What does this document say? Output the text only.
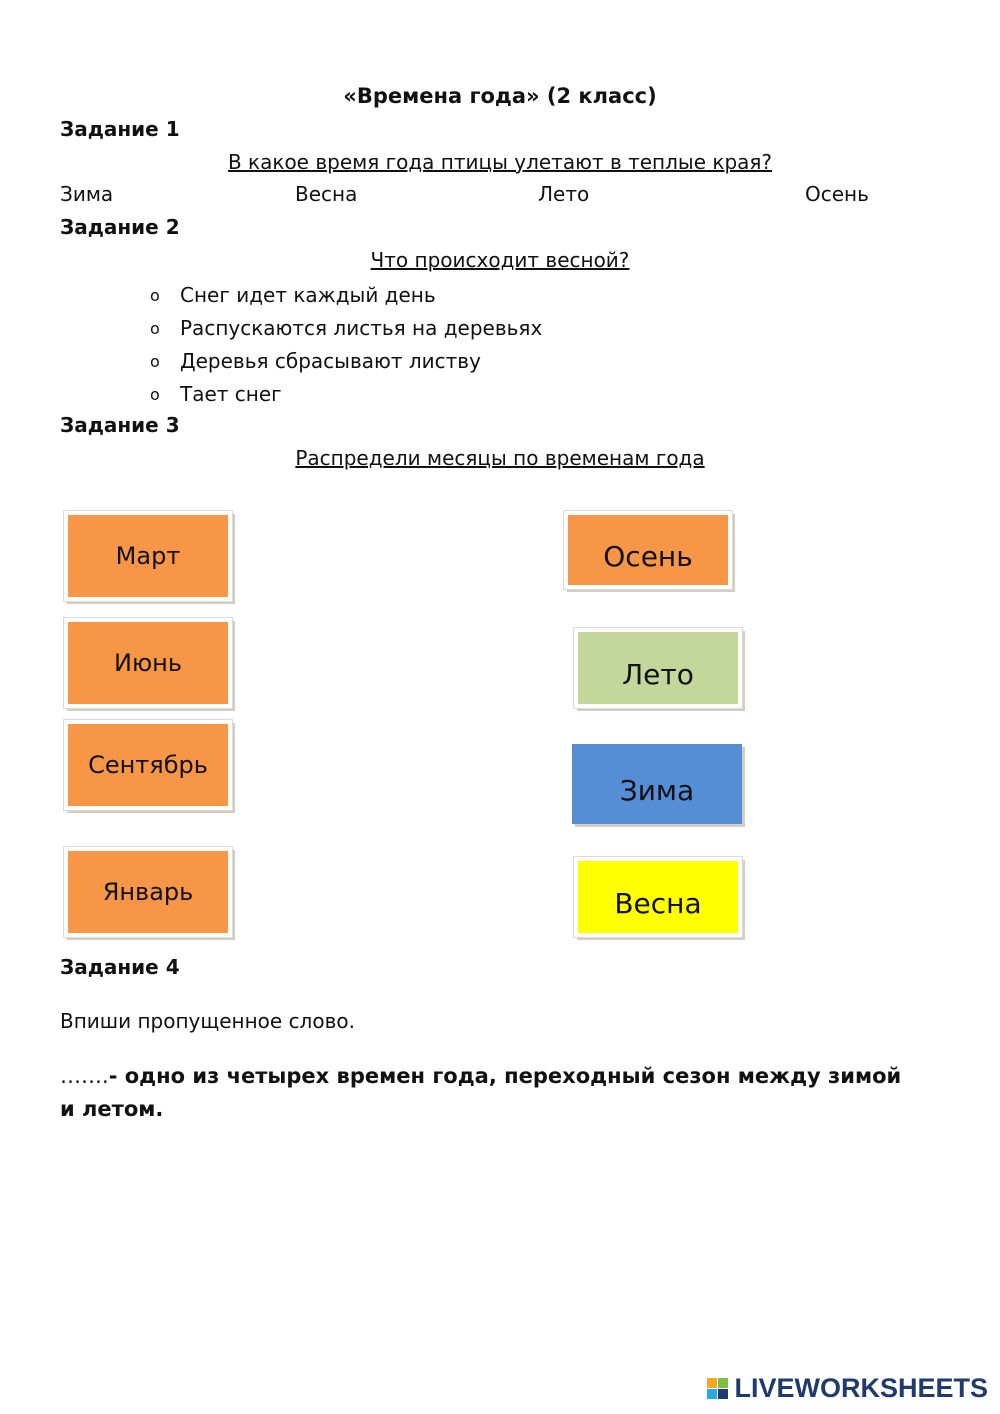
«Времена года» (2 класс)
Задание 1
В какое время года птицы улетают в теплые края?
Зима	Весна	Лето	Осень
Задание 2
Что происходит весной?
o	Снег идет каждый день
o	Распускаются листья на деревьях
o	Деревья сбрасывают листву
o	Тает снег
Задание 3
Распредели месяцы по временам года
Март
Июнь
Сентябрь
Январь
Осень
Лето
Зима
Весна
Задание 4
Впиши пропущенное слово.
…….- одно из четырех времен года, переходный сезон между зимой и летом.
LIVEWORKSHEETS
